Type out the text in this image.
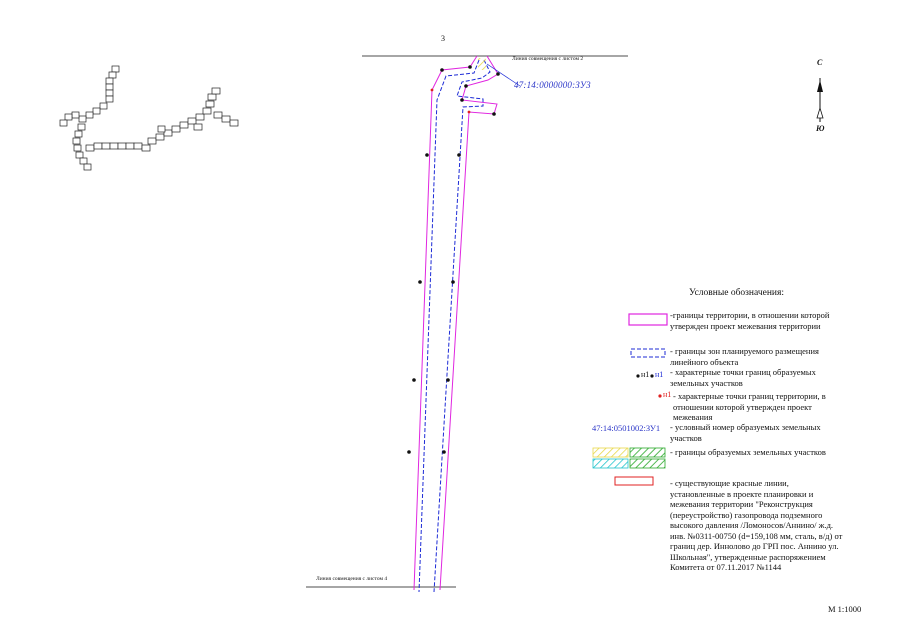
3
Линия совмещения с листом 2
Линия совмещения с листом 4
47:14:0000000:ЗУ3
С
Ю
М 1:1000
Условные обозначения:
-границы территории, в отношении которой утвержден проект межевания территории
- границы зон планируемого размещения линейного объекта
н1 н1 - характерные точки границ образуемых земельных участков
н1 - характерные точки границ территории, в отношении которой утвержден проект межевания
47:14:0501002:ЗУ1 - условный номер образуемых земельных участков
- границы образуемых земельных участков
- существующие красные линии, установленные в проекте планировки и межевания территории "Реконструкция (переустройство) газопровода подземного высокого давления /Ломоносов/Аннино/ ж.д. инв. №0311-00750 (d=159,108 мм, сталь, в/д) от границ дер. Иннолово до ГРП пос. Аннино ул. Школьная", утвержденные распоряжением Комитета от 07.11.2017 №1144
